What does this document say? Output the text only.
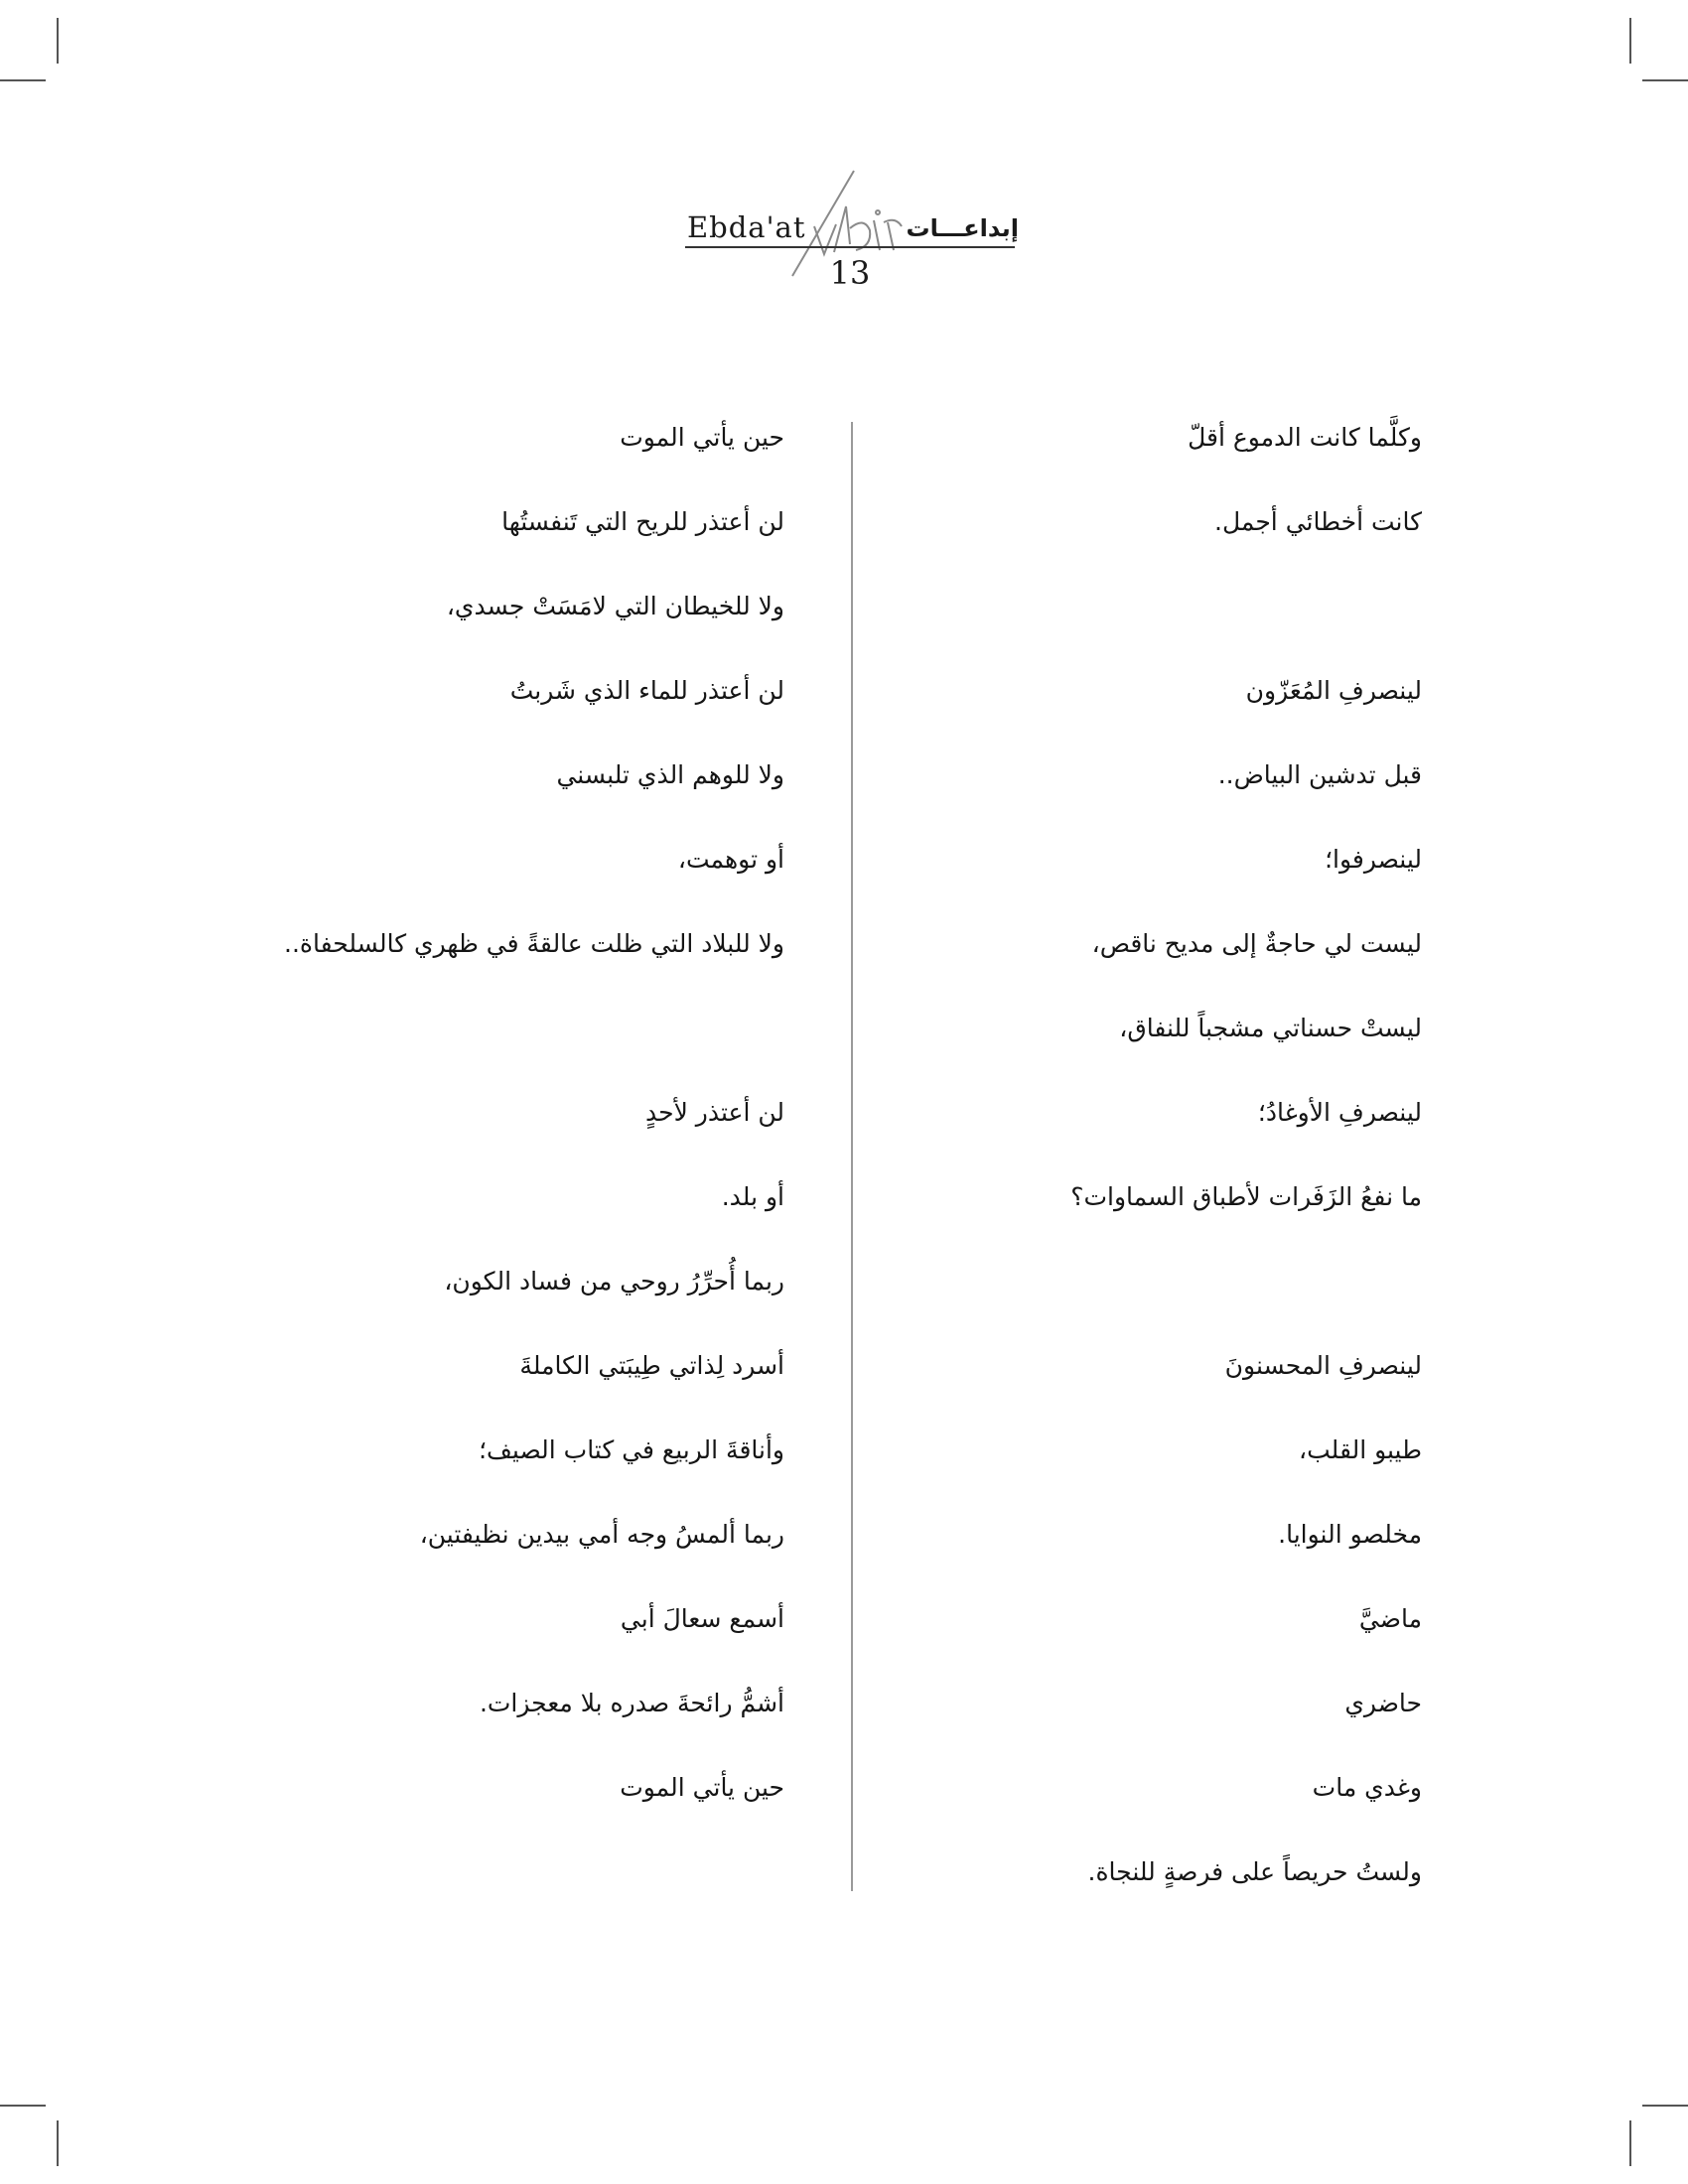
Ebda'at	إبداعـــات
13
وكلَّما كانت الدموع أقلّ
كانت أخطائي أجمل.
لينصرفِ المُعَزّون
قبل تدشين البياض..
لينصرفوا؛
ليست لي حاجةٌ إلى مديح ناقص،
ليستْ حسناتي مشجباً للنفاق،
لينصرفِ الأوغادُ؛
ما نفعُ الزَفَرات لأطباق السماوات؟
لينصرفِ المحسنونَ
طيبو القلب،
مخلصو النوايا.
ماضيَّ
حاضري
وغدي مات
ولستُ حريصاً على فرصةٍ للنجاة.
حين يأتي الموت
لن أعتذر للريح التي تَنفستُها
ولا للخيطان التي لامَسَتْ جسدي،
لن أعتذر للماء الذي شَربتُ
ولا للوهم الذي تلبسني
أو توهمت،
ولا للبلاد التي ظلت عالقةً في ظهري كالسلحفاة..
لن أعتذر لأحدٍ
أو بلد.
ربما أُحرِّرُ روحي من فساد الكون،
أسرد لِذاتي طِيبَتي الكاملةَ
وأناقةَ الربيع في كتاب الصيف؛
ربما ألمسُ وجه أمي بيدين نظيفتين،
أسمع سعالَ أبي
أشمُّ رائحةَ صدره بلا معجزات.
حين يأتي الموت
